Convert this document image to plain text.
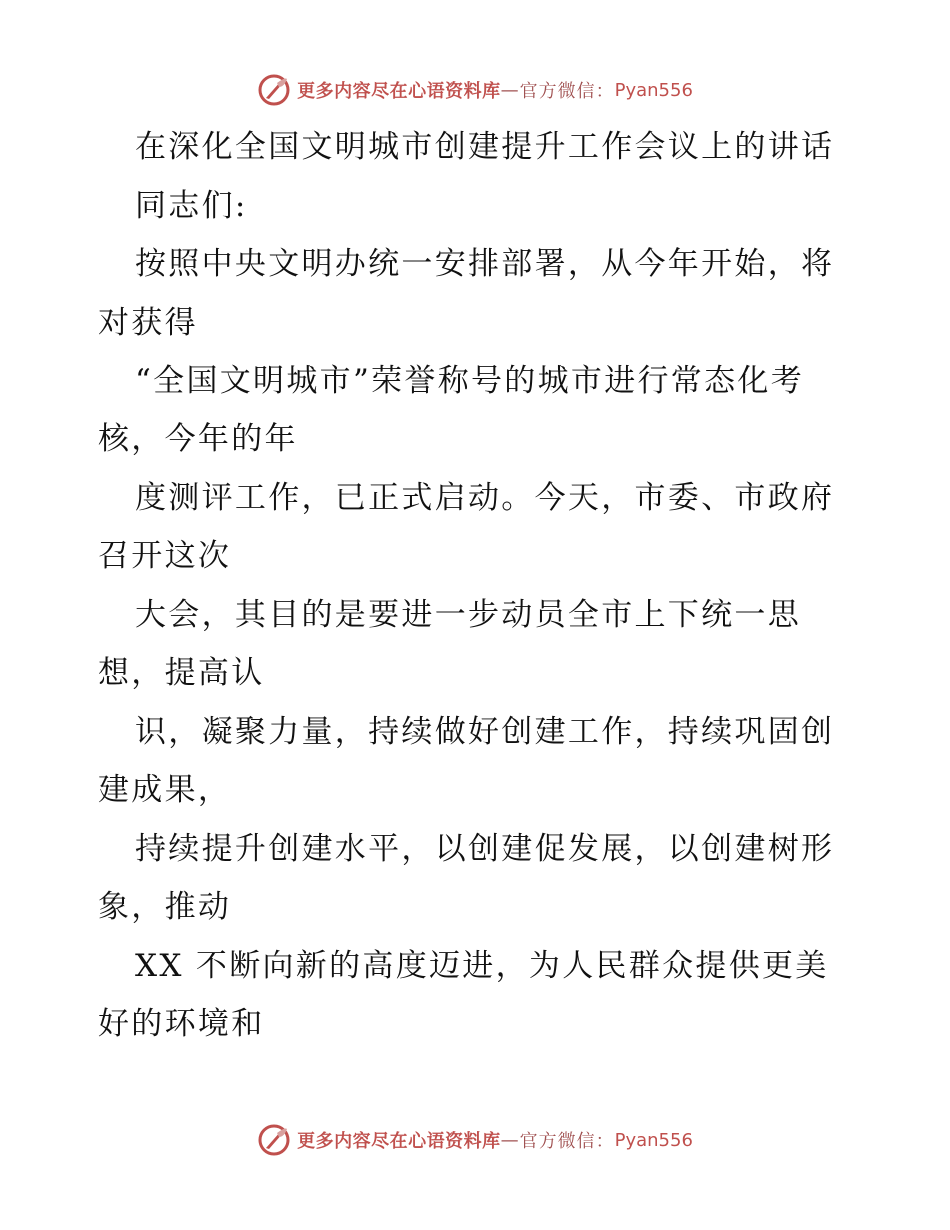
更多内容尽在心语资料库 — 官方微信： Pyan556
在深化全国文明城市创建提升工作会议上的讲话
同志们:
按照中央文明办统一安排部署，从今年开始，将
对获得
“全国文明城市”荣誉称号的城市进行常态化考
核，今年的年
度测评工作，已正式启动。今天，市委、市政府
召开这次
大会，其目的是要进一步动员全市上下统一思
想，提高认
识，凝聚力量，持续做好创建工作，持续巩固创
建成果，
持续提升创建水平，以创建促发展，以创建树形
象，推动
XX 不断向新的高度迈进，为人民群众提供更美
好的环境和
更多内容尽在心语资料库 — 官方微信： Pyan556
